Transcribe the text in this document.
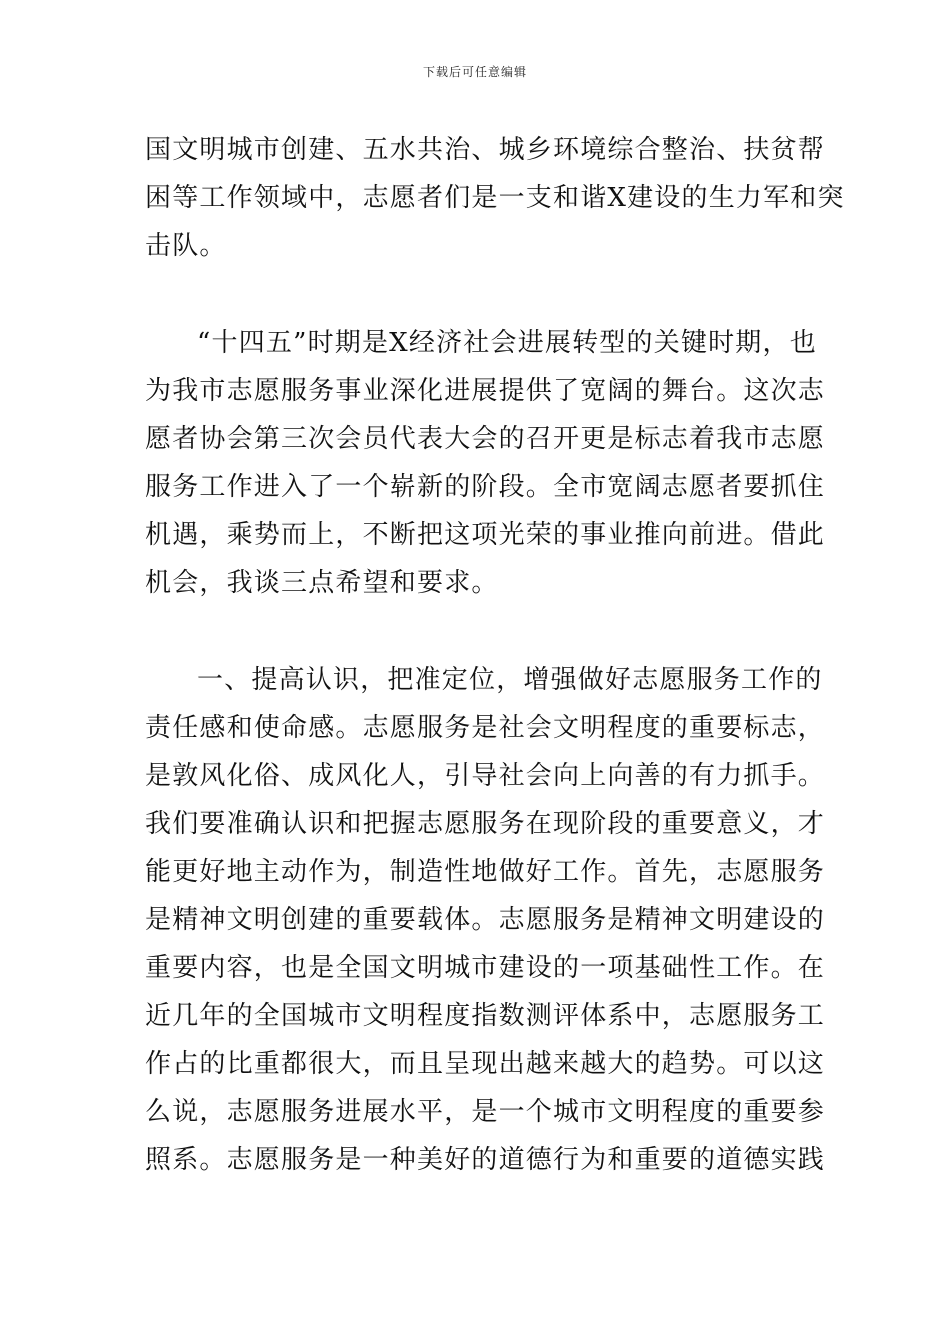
下载后可任意编辑
国文明城市创建、五水共治、城乡环境综合整治、扶贫帮
困等工作领域中，志愿者们是一支和谐X建设的生力军和突
击队。
“十四五”时期是X经济社会进展转型的关键时期，也
为我市志愿服务事业深化进展提供了宽阔的舞台。这次志
愿者协会第三次会员代表大会的召开更是标志着我市志愿
服务工作进入了一个崭新的阶段。全市宽阔志愿者要抓住
机遇，乘势而上，不断把这项光荣的事业推向前进。借此
机会，我谈三点希望和要求。
一、提高认识，把准定位，增强做好志愿服务工作的
责任感和使命感。志愿服务是社会文明程度的重要标志，
是敦风化俗、成风化人，引导社会向上向善的有力抓手。
我们要准确认识和把握志愿服务在现阶段的重要意义，才
能更好地主动作为，制造性地做好工作。首先，志愿服务
是精神文明创建的重要载体。志愿服务是精神文明建设的
重要内容，也是全国文明城市建设的一项基础性工作。在
近几年的全国城市文明程度指数测评体系中，志愿服务工
作占的比重都很大，而且呈现出越来越大的趋势。可以这
么说，志愿服务进展水平，是一个城市文明程度的重要参
照系。志愿服务是一种美好的道德行为和重要的道德实践
